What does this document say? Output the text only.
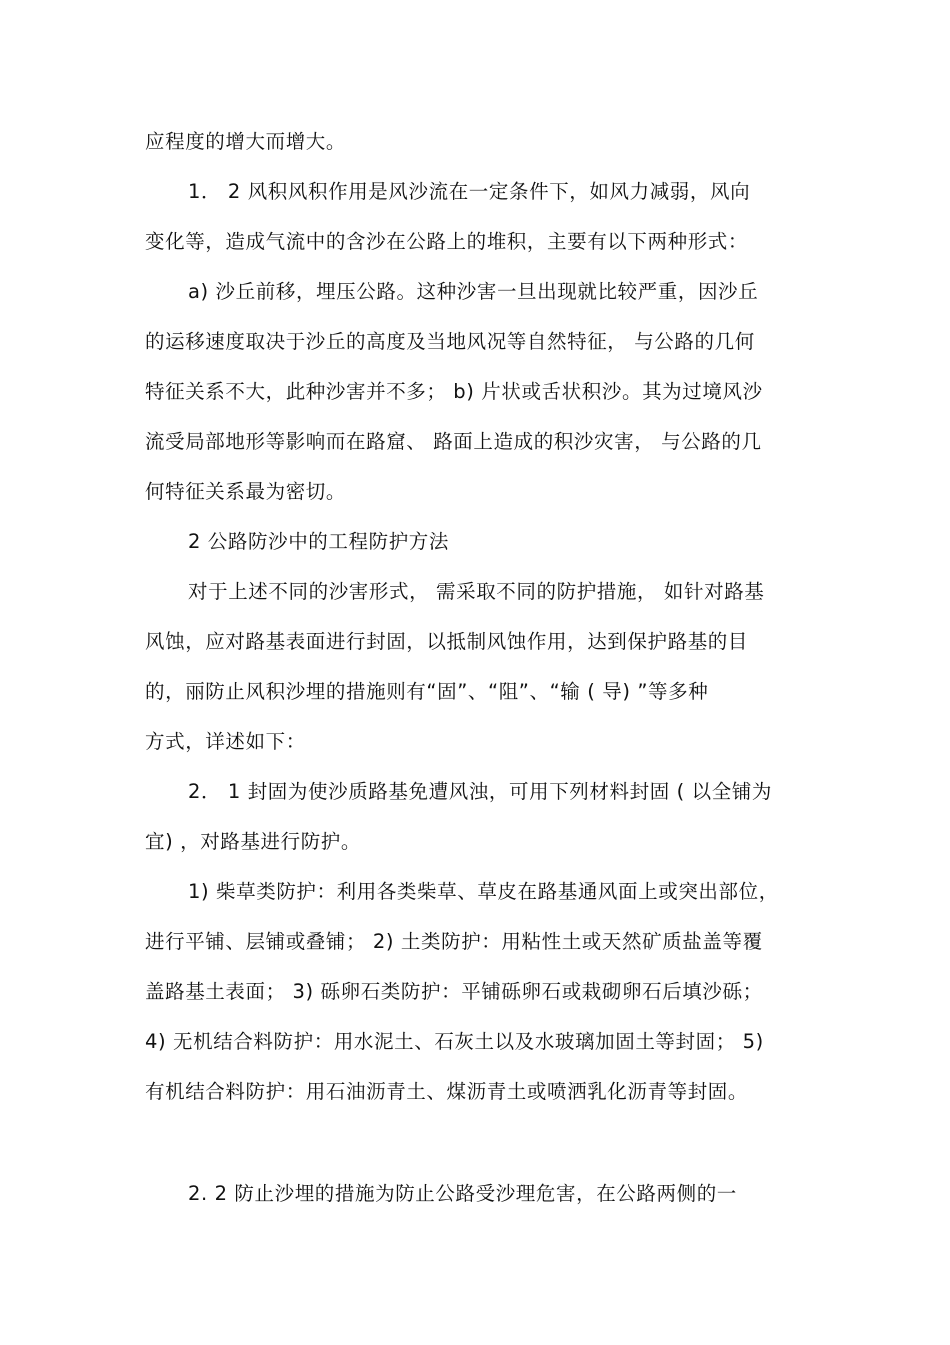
应程度的增大而增大。
1． 2 风积风积作用是风沙流在一定条件下，如风力减弱，风向
变化等，造成气流中的含沙在公路上的堆积，主要有以下两种形式：
a) 沙丘前移，埋压公路。这种沙害一旦出现就比较严重，因沙丘
的运移速度取决于沙丘的高度及当地风况等自然特征， 与公路的几何
特征关系不大，此种沙害并不多； b) 片状或舌状积沙。其为过境风沙
流受局部地形等影响而在路窟、 路面上造成的积沙灾害， 与公路的几
何特征关系最为密切。
2 公路防沙中的工程防护方法
对于上述不同的沙害形式， 需采取不同的防护措施， 如针对路基
风蚀，应对路基表面进行封固，以抵制风蚀作用，达到保护路基的目
的，丽防止风积沙埋的措施则有“固”、“阻”、“输 ( 导) ”等多种
方式，详述如下：
2． 1 封固为使沙质路基免遭风浊，可用下列材料封固 ( 以全铺为
宜) ，对路基进行防护。
1) 柴草类防护：利用各类柴草、草皮在路基通风面上或突出部位，
进行平铺、层铺或叠铺； 2) 土类防护：用粘性土或天然矿质盐盖等覆
盖路基土表面； 3) 砾卵石类防护：平铺砾卵石或栽砌卵石后填沙砾；
4) 无机结合料防护：用水泥土、石灰土以及水玻璃加固土等封固； 5)
有机结合料防护：用石油沥青土、煤沥青土或喷洒乳化沥青等封固。
2. 2 防止沙埋的措施为防止公路受沙理危害，在公路两侧的一
